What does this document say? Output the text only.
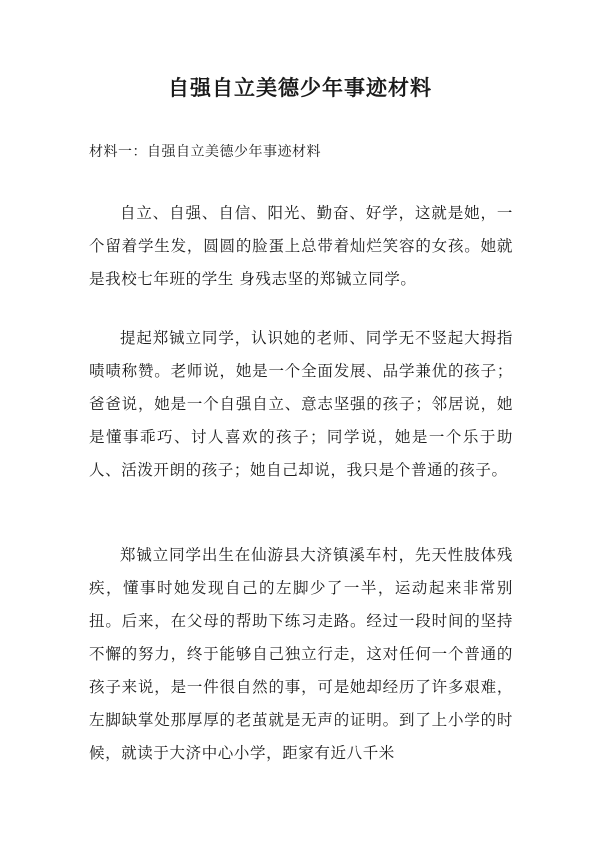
自强自立美德少年事迹材料
材料一：自强自立美德少年事迹材料

自立、自强、自信、阳光、勤奋、好学，这就是她，一个留着学生发，圆圆的脸蛋上总带着灿烂笑容的女孩。她就是我校七年班的学生 身残志坚的郑铖立同学。

提起郑铖立同学，认识她的老师、同学无不竖起大拇指啧啧称赞。老师说，她是一个全面发展、品学兼优的孩子；爸爸说，她是一个自强自立、意志坚强的孩子；邻居说，她是懂事乖巧、讨人喜欢的孩子；同学说，她是一个乐于助人、活泼开朗的孩子；她自己却说，我只是个普通的孩子。

郑铖立同学出生在仙游县大济镇溪车村，先天性肢体残疾，懂事时她发现自己的左脚少了一半，运动起来非常别扭。后来，在父母的帮助下练习走路。经过一段时间的坚持不懈的努力，终于能够自己独立行走，这对任何一个普通的孩子来说，是一件很自然的事，可是她却经历了许多艰难，左脚缺掌处那厚厚的老茧就是无声的证明。到了上小学的时候，就读于大济中心小学，距家有近八千米
